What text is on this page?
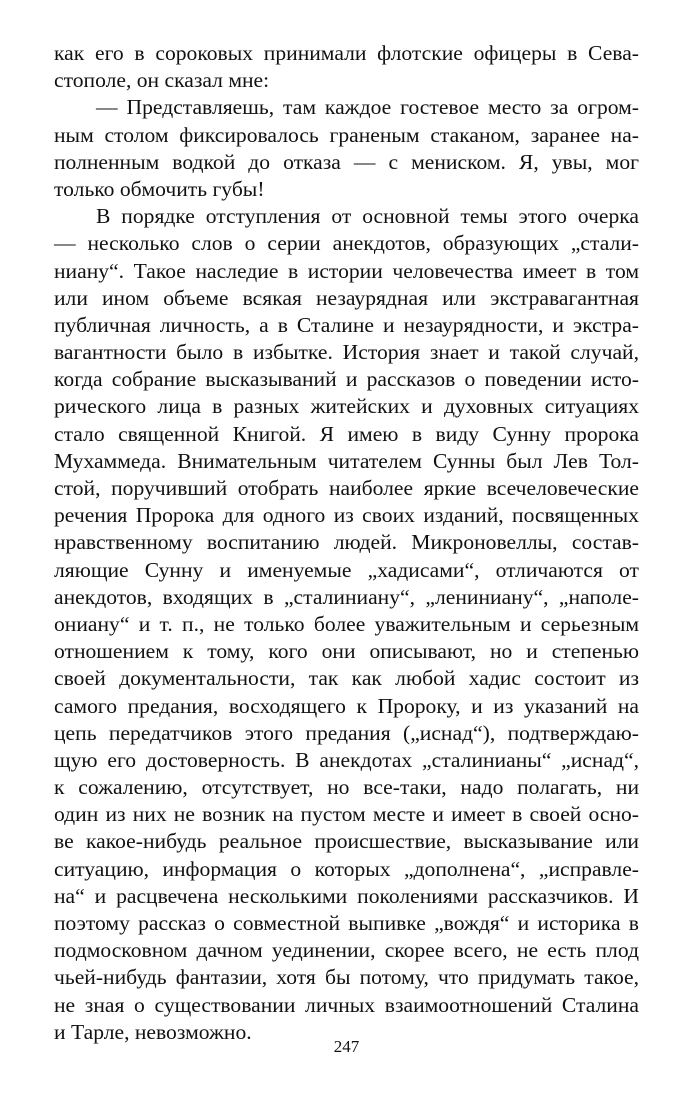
как его в сороковых принимали флотские офицеры в Сева-
стополе, он сказал мне:
— Представляешь, там каждое гостевое место за огром-
ным столом фиксировалось граненым стаканом, заранее на-
полненным водкой до отказа — с мениском. Я, увы, мог
только обмочить губы!
В порядке отступления от основной темы этого очерка
— несколько слов о серии анекдотов, образующих „стали-
ниану“. Такое наследие в истории человечества имеет в том
или ином объеме всякая незаурядная или экстравагантная
публичная личность, а в Сталине и незаурядности, и экстра-
вагантности было в избытке. История знает и такой случай,
когда собрание высказываний и рассказов о поведении исто-
рического лица в разных житейских и духовных ситуациях
стало священной Книгой. Я имею в виду Сунну пророка
Мухаммеда. Внимательным читателем Сунны был Лев Тол-
стой, поручивший отобрать наиболее яркие всечеловеческие
речения Пророка для одного из своих изданий, посвященных
нравственному воспитанию людей. Микроновеллы, состав-
ляющие Сунну и именуемые „хадисами“, отличаются от
анекдотов, входящих в „сталиниану“, „лениниану“, „наполе-
ониану“ и т. п., не только более уважительным и серьезным
отношением к тому, кого они описывают, но и степенью
своей документальности, так как любой хадис состоит из
самого предания, восходящего к Пророку, и из указаний на
цепь передатчиков этого предания („иснад“), подтверждаю-
щую его достоверность. В анекдотах „сталинианы“ „иснад“,
к сожалению, отсутствует, но все-таки, надо полагать, ни
один из них не возник на пустом месте и имеет в своей осно-
ве какое-нибудь реальное происшествие, высказывание или
ситуацию, информация о которых „дополнена“, „исправле-
на“ и расцвечена несколькими поколениями рассказчиков. И
поэтому рассказ о совместной выпивке „вождя“ и историка в
подмосковном дачном уединении, скорее всего, не есть плод
чьей-нибудь фантазии, хотя бы потому, что придумать такое,
не зная о существовании личных взаимоотношений Сталина
и Тарле, невозможно.
247
